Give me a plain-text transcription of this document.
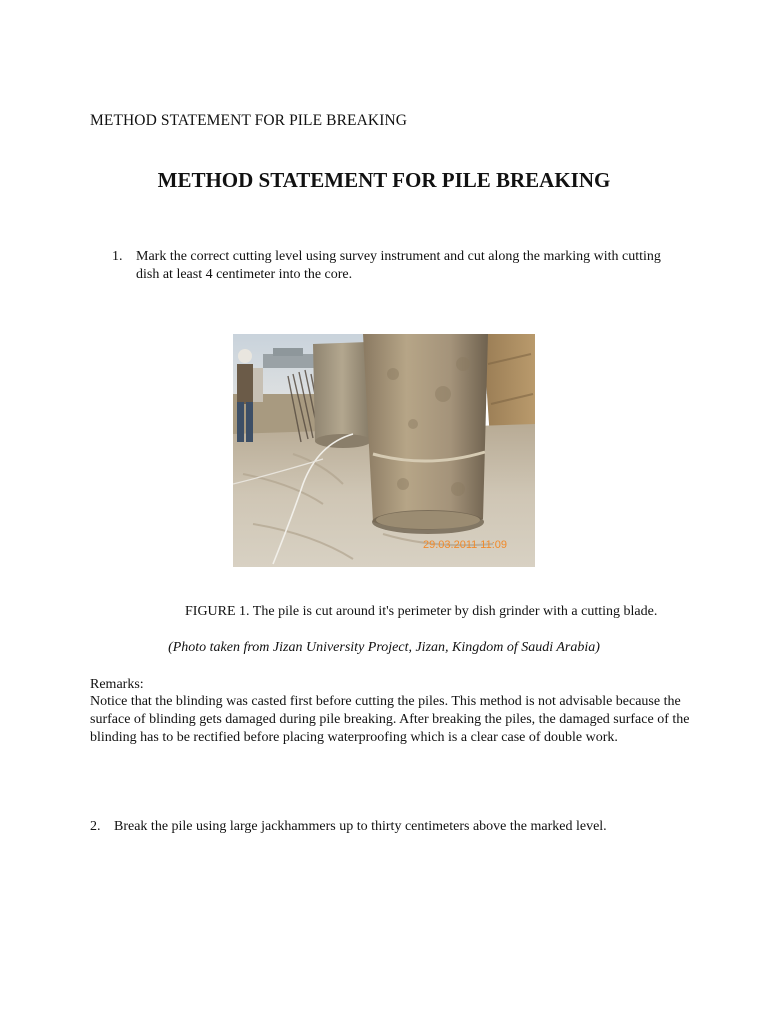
METHOD STATEMENT FOR PILE BREAKING
METHOD STATEMENT FOR PILE BREAKING
1. Mark the correct cutting level using survey instrument and cut along the marking with cutting dish at least 4 centimeter into the core.
29.03.2011 11:09
FIGURE 1. The pile is cut around it's perimeter by dish grinder with a cutting blade.
(Photo taken from Jizan University Project, Jizan, Kingdom of Saudi Arabia)
Remarks:
Notice that the blinding was casted first before cutting the piles. This method is not advisable because the surface of blinding gets damaged during pile breaking. After breaking the piles, the damaged surface of the blinding has to be rectified before placing waterproofing which is a clear case of double work.
2. Break the pile using large jackhammers up to thirty centimeters above the marked level.
